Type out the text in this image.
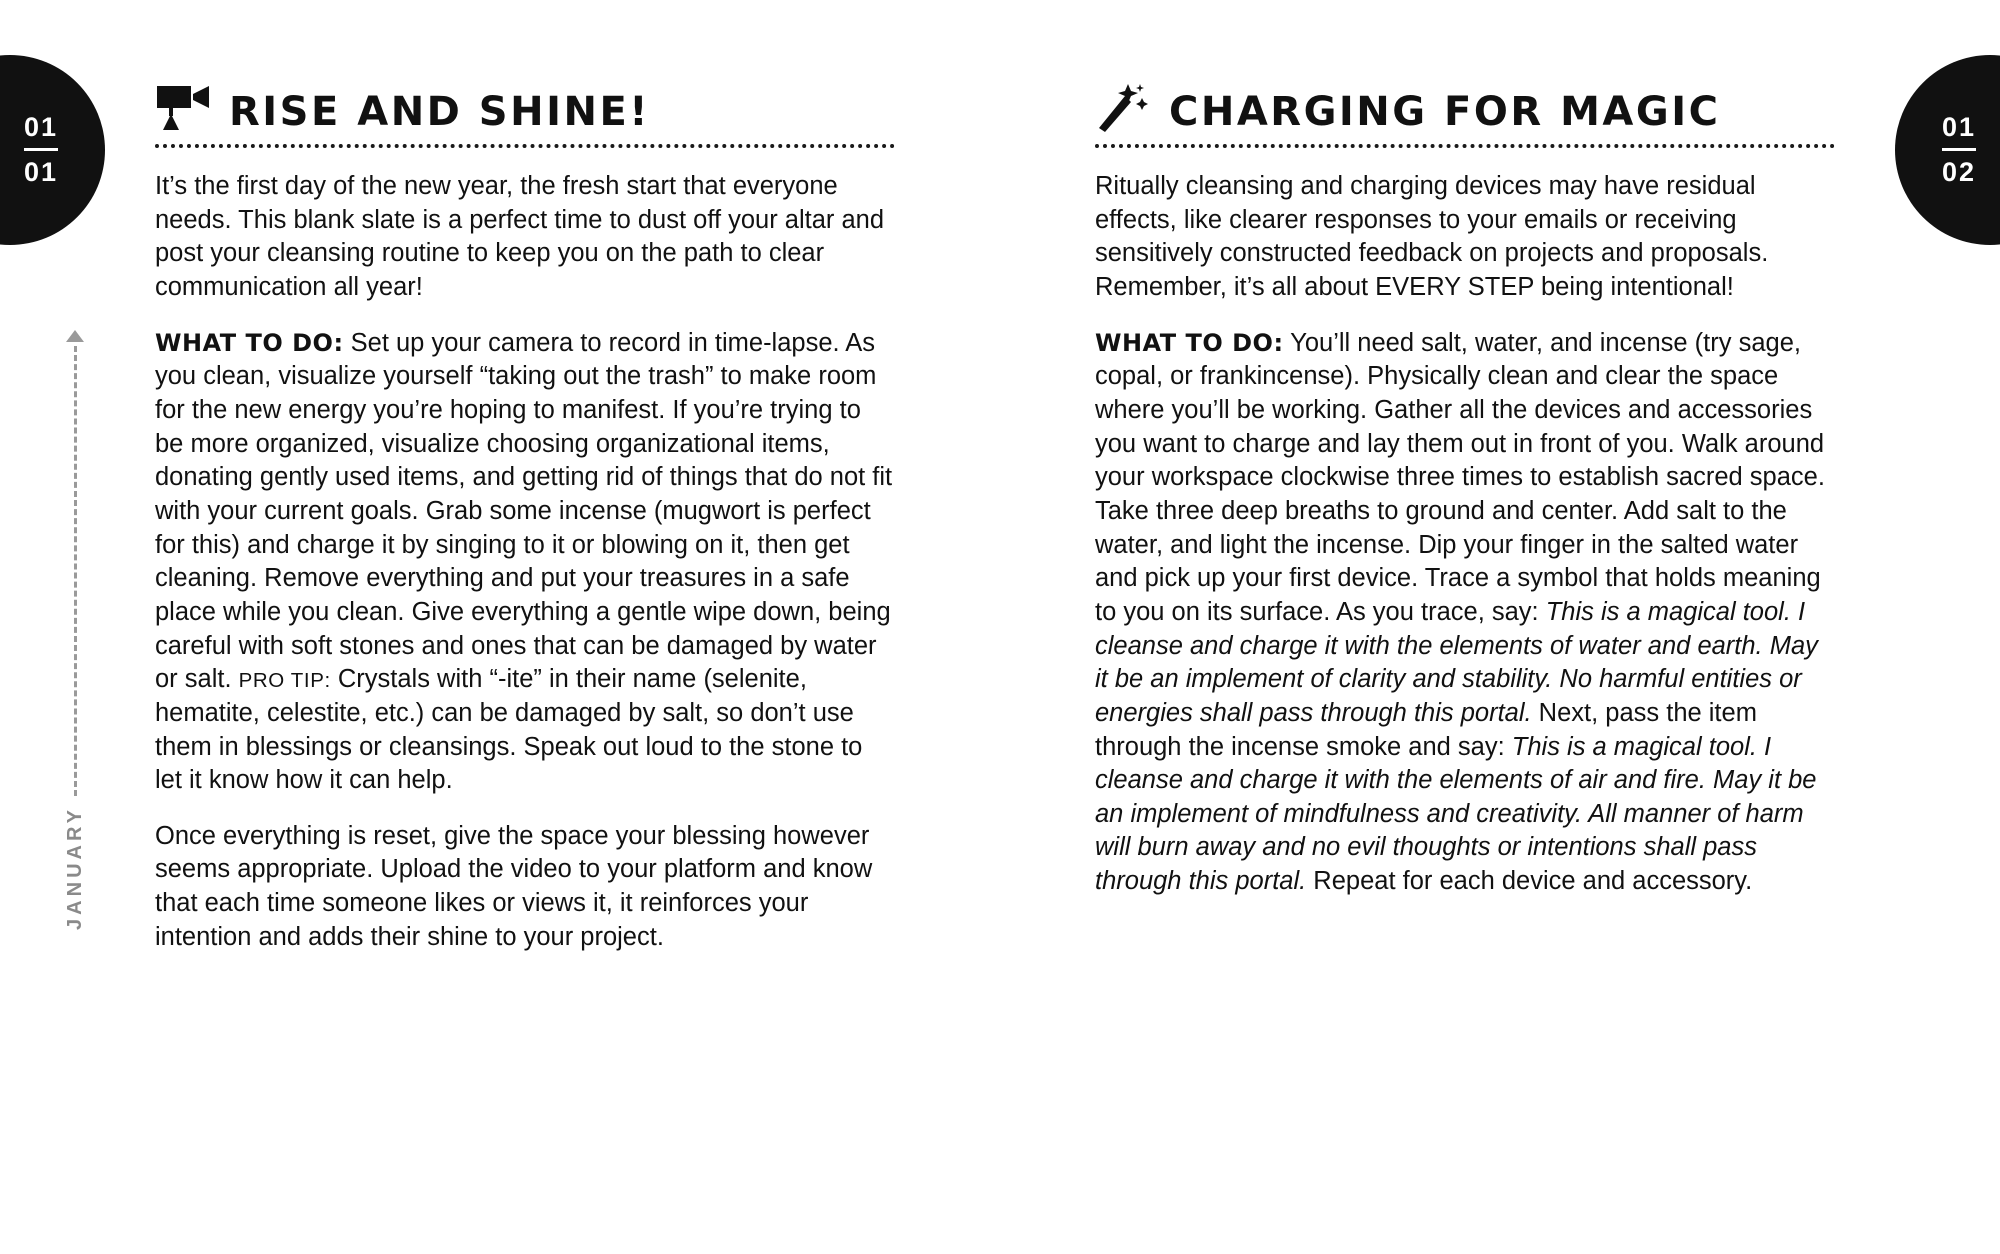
01
01
JANUARY
RISE AND SHINE!

It’s the first day of the new year, the fresh start that everyone needs. This blank slate is a perfect time to dust off your altar and post your cleansing routine to keep you on the path to clear communication all year!

WHAT TO DO: Set up your camera to record in time-lapse. As you clean, visualize yourself “taking out the trash” to make room for the new energy you’re hoping to manifest. If you’re trying to be more organized, visualize choosing organizational items, donating gently used items, and getting rid of things that do not fit with your current goals. Grab some incense (mugwort is perfect for this) and charge it by singing to it or blowing on it, then get cleaning. Remove everything and put your treasures in a safe place while you clean. Give everything a gentle wipe down, being careful with soft stones and ones that can be damaged by water or salt. PRO TIP: Crystals with “-ite” in their name (selenite, hematite, celestite, etc.) can be damaged by salt, so don’t use them in blessings or cleansings. Speak out loud to the stone to let it know how it can help.

Once everything is reset, give the space your blessing however seems appropriate. Upload the video to your platform and know that each time someone likes or views it, it reinforces your intention and adds their shine to your project.

01
02
CHARGING FOR MAGIC

Ritually cleansing and charging devices may have residual effects, like clearer responses to your emails or receiving sensitively constructed feedback on projects and proposals. Remember, it’s all about EVERY STEP being intentional!

WHAT TO DO: You’ll need salt, water, and incense (try sage, copal, or frankincense). Physically clean and clear the space where you’ll be working. Gather all the devices and accessories you want to charge and lay them out in front of you. Walk around your workspace clockwise three times to establish sacred space. Take three deep breaths to ground and center. Add salt to the water, and light the incense. Dip your finger in the salted water and pick up your first device. Trace a symbol that holds meaning to you on its surface. As you trace, say: This is a magical tool. I cleanse and charge it with the elements of water and earth. May it be an implement of clarity and stability. No harmful entities or energies shall pass through this portal. Next, pass the item through the incense smoke and say: This is a magical tool. I cleanse and charge it with the elements of air and fire. May it be an implement of mindfulness and creativity. All manner of harm will burn away and no evil thoughts or intentions shall pass through this portal. Repeat for each device and accessory.
